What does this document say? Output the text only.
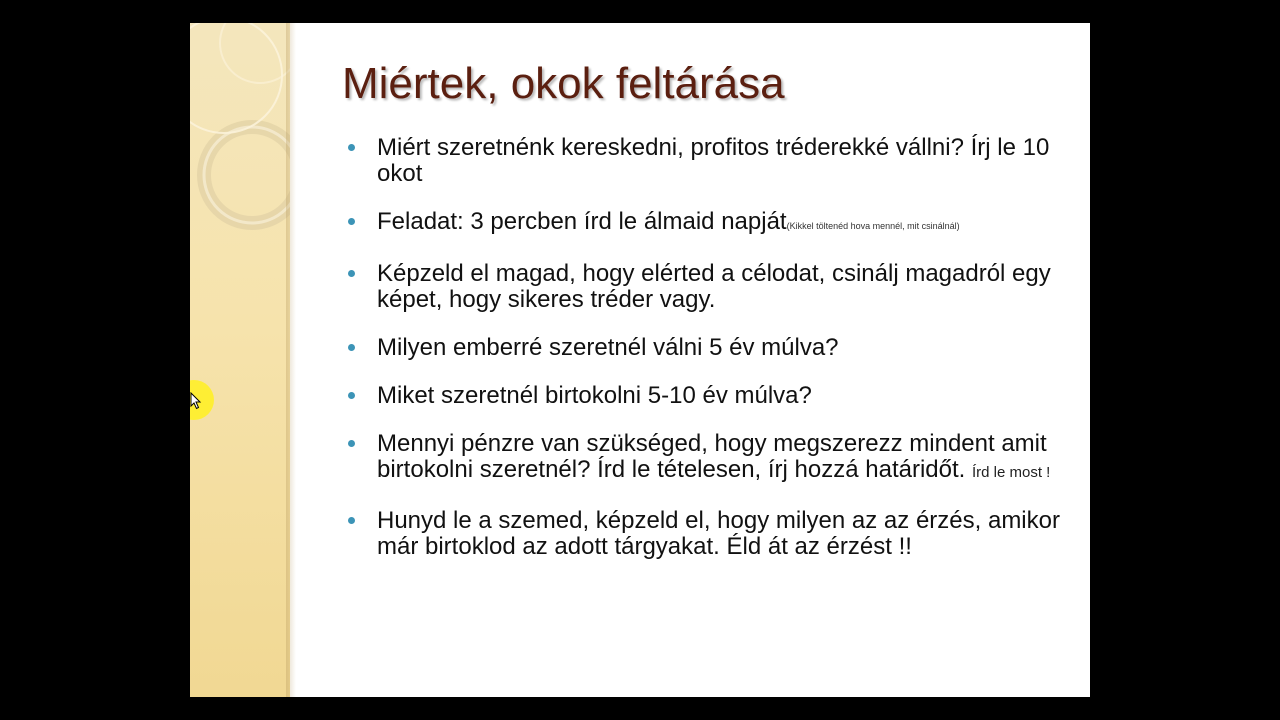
Miértek, okok feltárása
Miért szeretnénk kereskedni, profitos tréderekké vállni? Írj le 10 okot
Feladat: 3 percben írd le álmaid napját(Kikkel töltenéd hova mennél, mit csinálnál)
Képzeld el magad, hogy elérted a célodat, csinálj magadról egy képet, hogy sikeres tréder vagy.
Milyen emberré szeretnél válni 5 év múlva?
Miket szeretnél birtokolni 5-10 év múlva?
Mennyi pénzre van szükséged, hogy megszerezz mindent amit birtokolni szeretnél? Írd le tételesen, írj hozzá határidőt. Írd le most !
Hunyd le a szemed, képzeld el, hogy milyen az az érzés, amikor már birtoklod az adott tárgyakat. Éld át az érzést !!
